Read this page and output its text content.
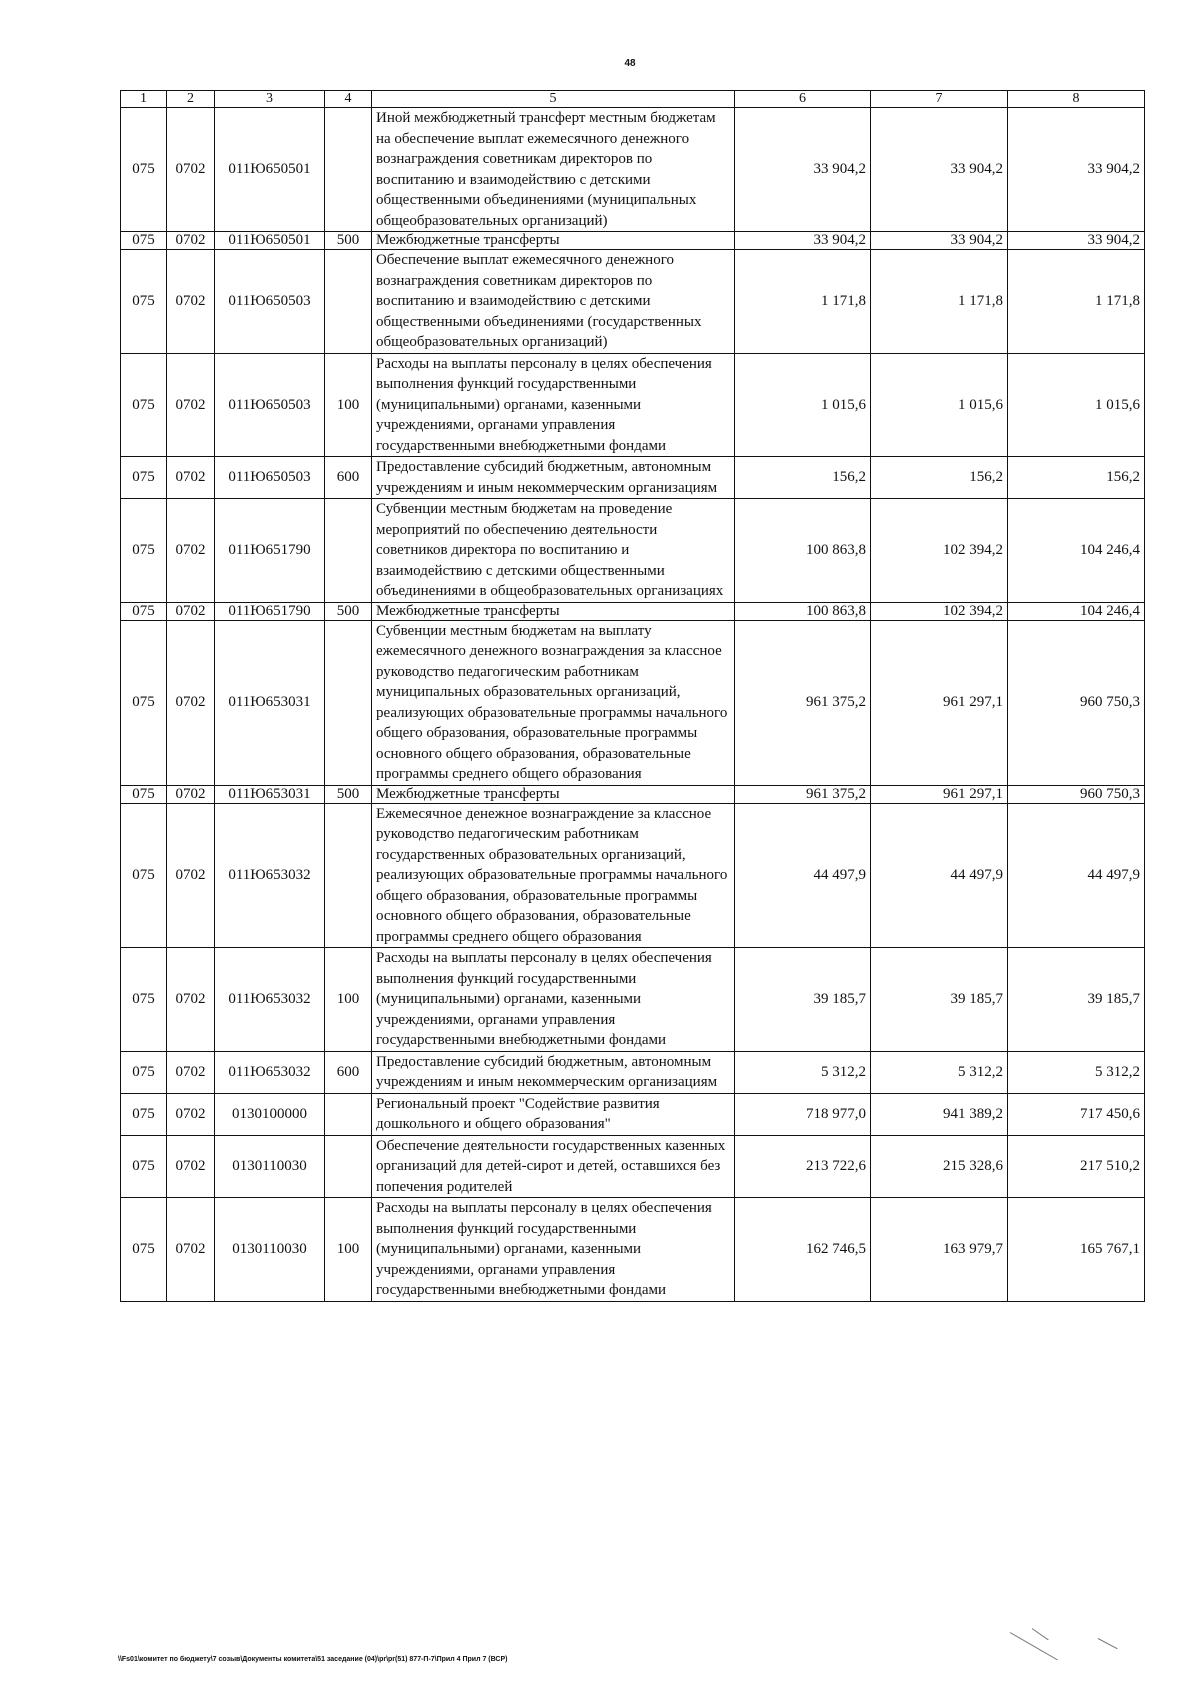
48
1	2	3	4	5	6	7	8
075	0702	011Ю650501		Иной межбюджетный трансферт местным бюджетам на обеспечение выплат ежемесячного денежного вознаграждения советникам директоров по воспитанию и взаимодействию с детскими общественными объединениями (муниципальных общеобразовательных организаций)	33 904,2	33 904,2	33 904,2
075	0702	011Ю650501	500	Межбюджетные трансферты	33 904,2	33 904,2	33 904,2
075	0702	011Ю650503		Обеспечение выплат ежемесячного денежного вознаграждения советникам директоров по воспитанию и взаимодействию с детскими общественными объединениями (государственных общеобразовательных организаций)	1 171,8	1 171,8	1 171,8
075	0702	011Ю650503	100	Расходы на выплаты персоналу в целях обеспечения выполнения функций государственными (муниципальными) органами, казенными учреждениями, органами управления государственными внебюджетными фондами	1 015,6	1 015,6	1 015,6
075	0702	011Ю650503	600	Предоставление субсидий бюджетным, автономным учреждениям и иным некоммерческим организациям	156,2	156,2	156,2
075	0702	011Ю651790		Субвенции местным бюджетам на проведение мероприятий по обеспечению деятельности советников директора по воспитанию и взаимодействию с детскими общественными объединениями в общеобразовательных организациях	100 863,8	102 394,2	104 246,4
075	0702	011Ю651790	500	Межбюджетные трансферты	100 863,8	102 394,2	104 246,4
075	0702	011Ю653031		Субвенции местным бюджетам на выплату ежемесячного денежного вознаграждения за классное руководство педагогическим работникам муниципальных образовательных организаций, реализующих образовательные программы начального общего образования, образовательные программы основного общего образования, образовательные программы среднего общего образования	961 375,2	961 297,1	960 750,3
075	0702	011Ю653031	500	Межбюджетные трансферты	961 375,2	961 297,1	960 750,3
075	0702	011Ю653032		Ежемесячное денежное вознаграждение за классное руководство педагогическим работникам государственных образовательных организаций, реализующих образовательные программы начального общего образования, образовательные программы основного общего образования, образовательные программы среднего общего образования	44 497,9	44 497,9	44 497,9
075	0702	011Ю653032	100	Расходы на выплаты персоналу в целях обеспечения выполнения функций государственными (муниципальными) органами, казенными учреждениями, органами управления государственными внебюджетными фондами	39 185,7	39 185,7	39 185,7
075	0702	011Ю653032	600	Предоставление субсидий бюджетным, автономным учреждениям и иным некоммерческим организациям	5 312,2	5 312,2	5 312,2
075	0702	0130100000		Региональный проект "Содействие развития дошкольного и общего образования"	718 977,0	941 389,2	717 450,6
075	0702	0130110030		Обеспечение деятельности государственных казенных организаций для детей-сирот и детей, оставшихся без попечения родителей	213 722,6	215 328,6	217 510,2
075	0702	0130110030	100	Расходы на выплаты персоналу в целях обеспечения выполнения функций государственными (муниципальными) органами, казенными учреждениями, органами управления государственными внебюджетными фондами	162 746,5	163 979,7	165 767,1
\\Fs01\комитет по бюджету\7 созыв\Документы комитета\51 заседание (04)\pr\pr(51) 877-П-7\Прил 4 Прил 7 (ВСР)
